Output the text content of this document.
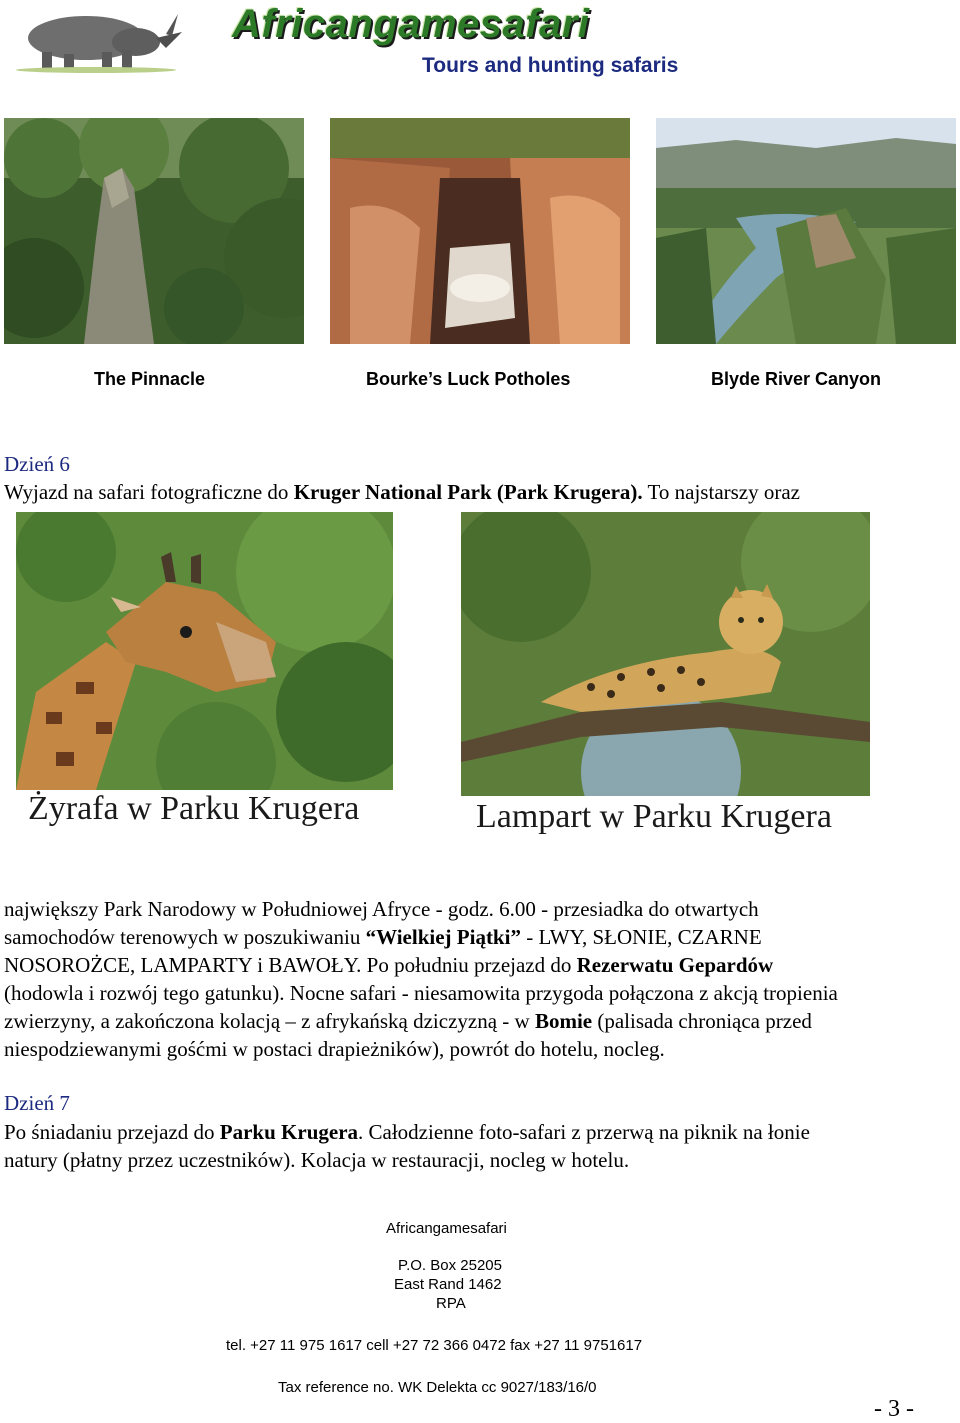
Africangamesafari
Tours and hunting safaris
The Pinnacle	Bourke’s Luck Potholes	Blyde River Canyon
Dzień 6
Wyjazd na safari fotograficzne do Kruger National Park (Park Krugera). To najstarszy oraz
Żyrafa w Parku Krugera	Lampart w Parku Krugera
największy Park Narodowy w Południowej Afryce - godz. 6.00 - przesiadka do otwartych
samochodów terenowych w poszukiwaniu “Wielkiej Piątki” - LWY, SŁONIE, CZARNE
NOSOROŻCE, LAMPARTY i BAWOŁY. Po południu przejazd do Rezerwatu Gepardów
(hodowla i rozwój tego gatunku). Nocne safari - niesamowita przygoda połączona z akcją tropienia
zwierzyny, a zakończona kolacją – z afrykańską dziczyzną - w Bomie (palisada chroniąca przed
niespodziewanymi gośćmi w postaci drapieżników), powrót do hotelu, nocleg.
Dzień 7
Po śniadaniu przejazd do Parku Krugera. Całodzienne foto-safari z przerwą na piknik na łonie
natury (płatny przez uczestników). Kolacja w restauracji, nocleg w hotelu.
Africangamesafari
P.O. Box 25205
East Rand 1462
RPA
tel. +27 11 975 1617 cell +27 72 366 0472 fax +27 11 9751617
Tax reference no. WK Delekta cc 9027/183/16/0
- 3 -
